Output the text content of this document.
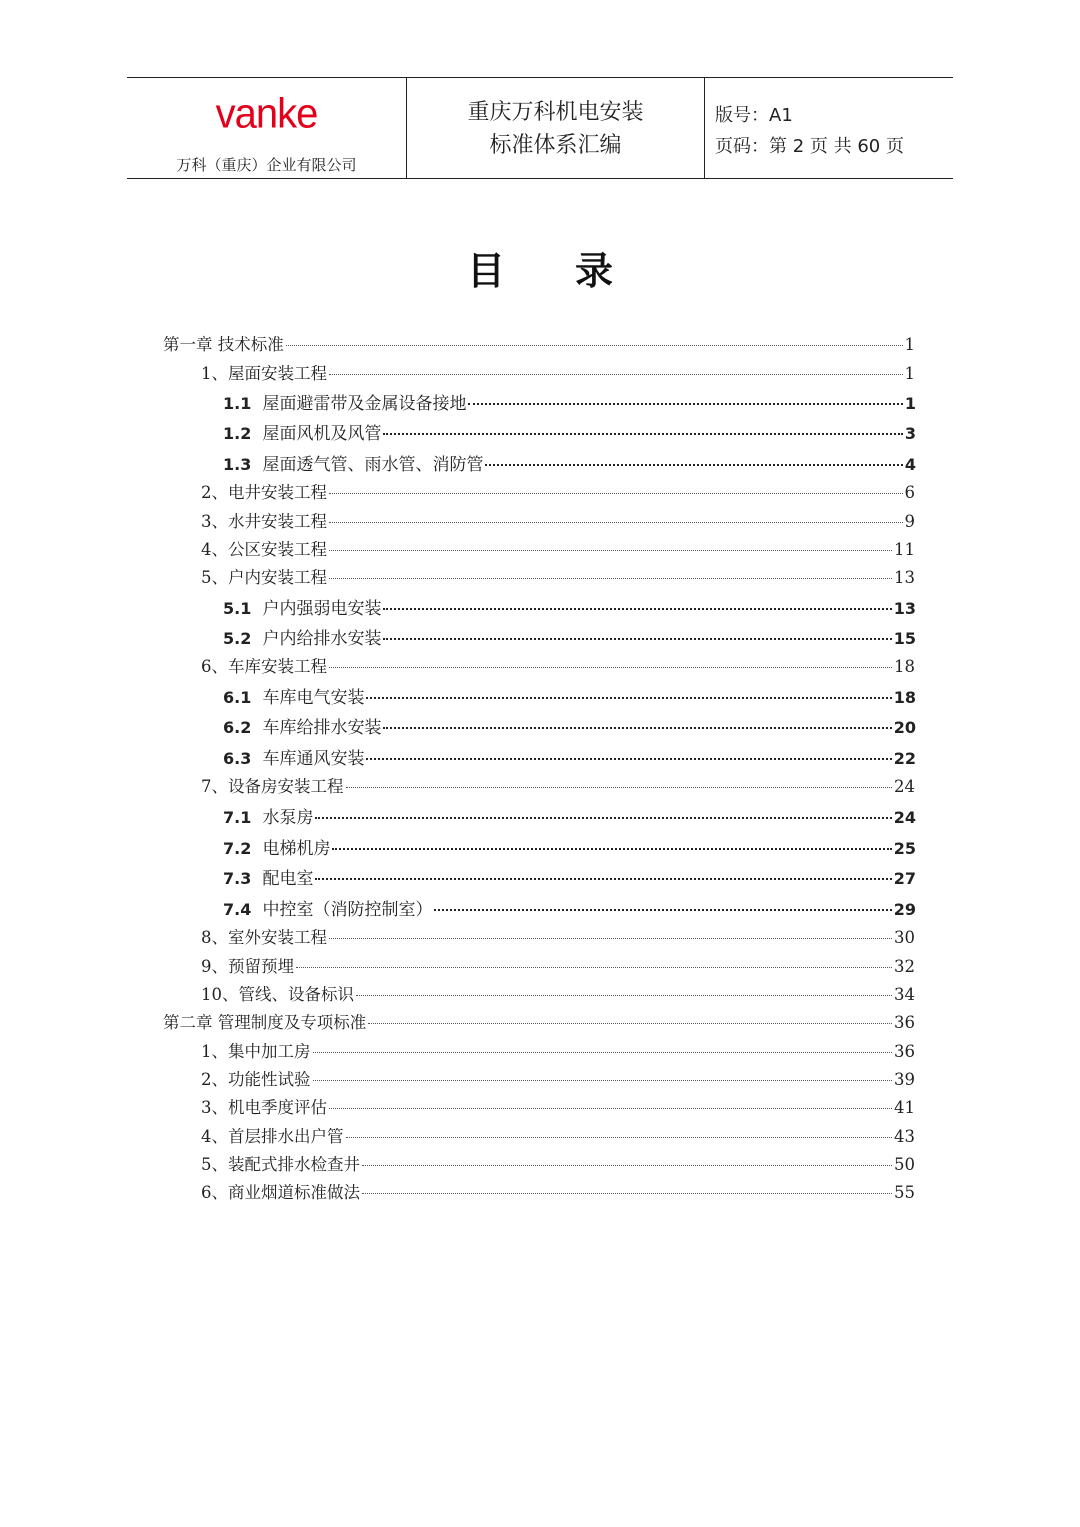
vanke
万科（重庆）企业有限公司
重庆万科机电安装
标准体系汇编
版号：A1
页码：第 2 页 共 60 页
目录
第一章 技术标准	1
1、屋面安装工程	1
1.1 屋面避雷带及金属设备接地	1
1.2 屋面风机及风管	3
1.3 屋面透气管、雨水管、消防管	4
2、电井安装工程	6
3、水井安装工程	9
4、公区安装工程	11
5、户内安装工程	13
5.1 户内强弱电安装	13
5.2 户内给排水安装	15
6、车库安装工程	18
6.1 车库电气安装	18
6.2 车库给排水安装	20
6.3 车库通风安装	22
7、设备房安装工程	24
7.1 水泵房	24
7.2 电梯机房	25
7.3 配电室	27
7.4 中控室（消防控制室）	29
8、室外安装工程	30
9、预留预埋	32
10、管线、设备标识	34
第二章 管理制度及专项标准	36
1、集中加工房	36
2、功能性试验	39
3、机电季度评估	41
4、首层排水出户管	43
5、装配式排水检查井	50
6、商业烟道标准做法	55
